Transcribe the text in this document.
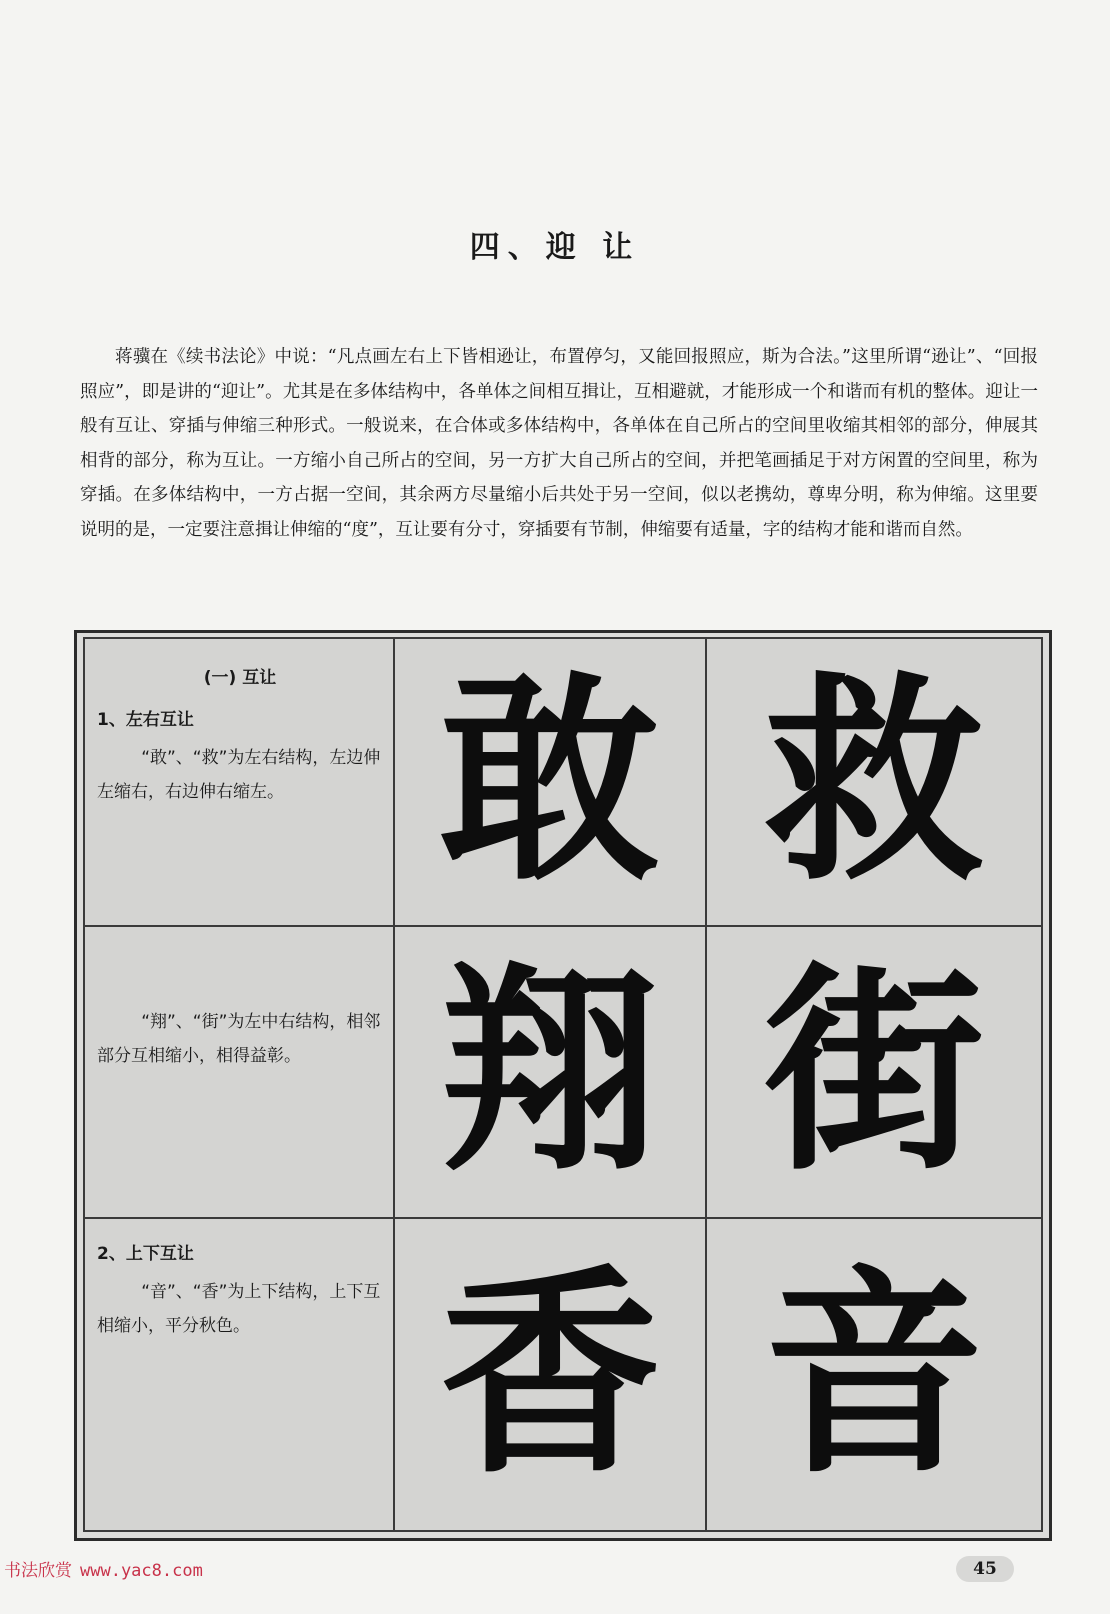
四、迎 让
蒋骥在《续书法论》中说：“凡点画左右上下皆相逊让，布置停匀，又能回报照应，斯为合法。”这里所谓“逊让”、“回报照应”，即是讲的“迎让”。尤其是在多体结构中，各单体之间相互揖让，互相避就，才能形成一个和谐而有机的整体。迎让一般有互让、穿插与伸缩三种形式。一般说来，在合体或多体结构中，各单体在自己所占的空间里收缩其相邻的部分，伸展其相背的部分，称为互让。一方缩小自己所占的空间，另一方扩大自己所占的空间，并把笔画插足于对方闲置的空间里，称为穿插。在多体结构中，一方占据一空间，其余两方尽量缩小后共处于另一空间，似以老携幼，尊卑分明，称为伸缩。这里要说明的是，一定要注意揖让伸缩的“度”，互让要有分寸，穿插要有节制，伸缩要有适量，字的结构才能和谐而自然。
(一) 互让
1、左右互让
“敢”、“救”为左右结构，左边伸左缩右，右边伸右缩左。 敢 救
“翔”、“街”为左中右结构，相邻部分互相缩小，相得益彰。 翔 街
2、上下互让
“音”、“香”为上下结构，上下互相缩小，平分秋色。 香 音
书法欣赏 www.yac8.com	45
